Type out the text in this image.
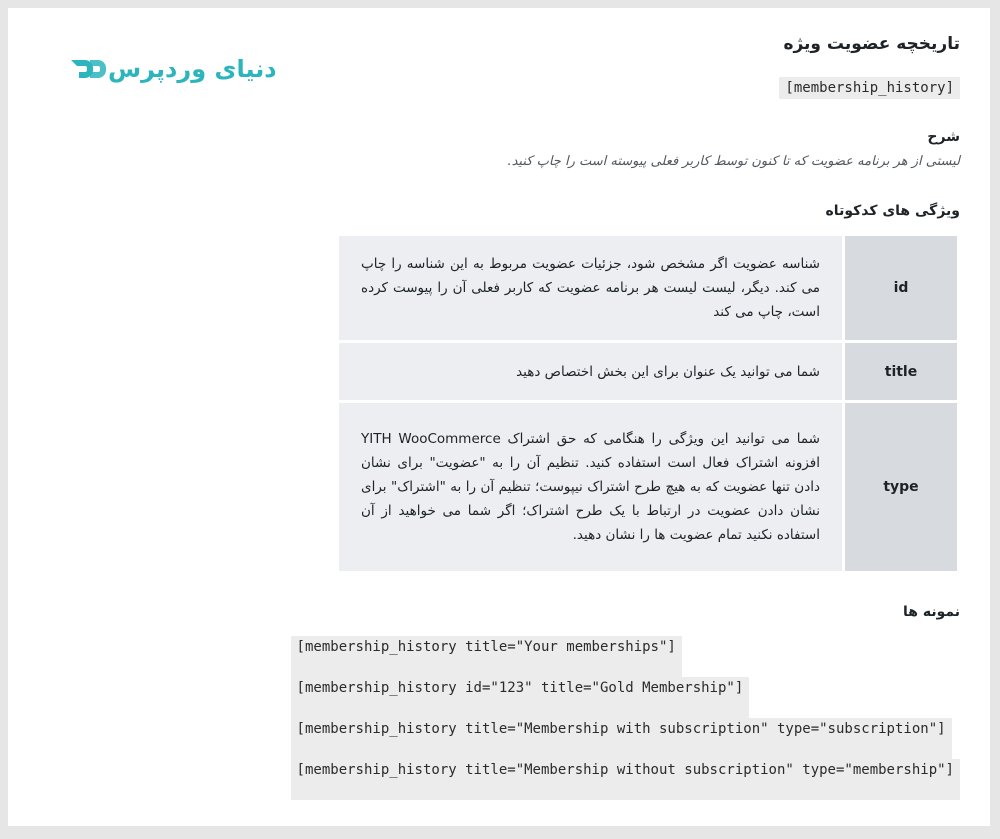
دنیای وردپرس
تاریخچه عضویت ویژه
[membership_history]
شرح

لیستی از هر برنامه عضویت که تا کنون توسط کاربر فعلی پیوسته است را چاپ کنید.

ویژگی های کدکوتاه
id	شناسه عضویت اگر مشخص شود، جزئیات عضویت مربوط به این شناسه را چاپ می کند. دیگر، لیست لیست هر برنامه عضویت که کاربر فعلی آن را پیوست کرده است، چاپ می کند
title	شما می توانید یک عنوان برای این بخش اختصاص دهید
type	شما می توانید این ویژگی را هنگامی که حق اشتراک YITH WooCommerce افزونه اشتراک فعال است استفاده کنید. تنظیم آن را به "عضویت" برای نشان دادن تنها عضویت که به هیچ طرح اشتراک نیپوست؛ تنظیم آن را به "اشتراک" برای نشان دادن عضویت در ارتباط با یک طرح اشتراک؛ اگر شما می خواهید از آن استفاده نکنید تمام عضویت ها را نشان دهید.
نمونه ها
[membership_history title="Your memberships"]
[membership_history id="123" title="Gold Membership"]
[membership_history title="Membership with subscription" type="subscription"]
[membership_history title="Membership without subscription" type="membership"]
